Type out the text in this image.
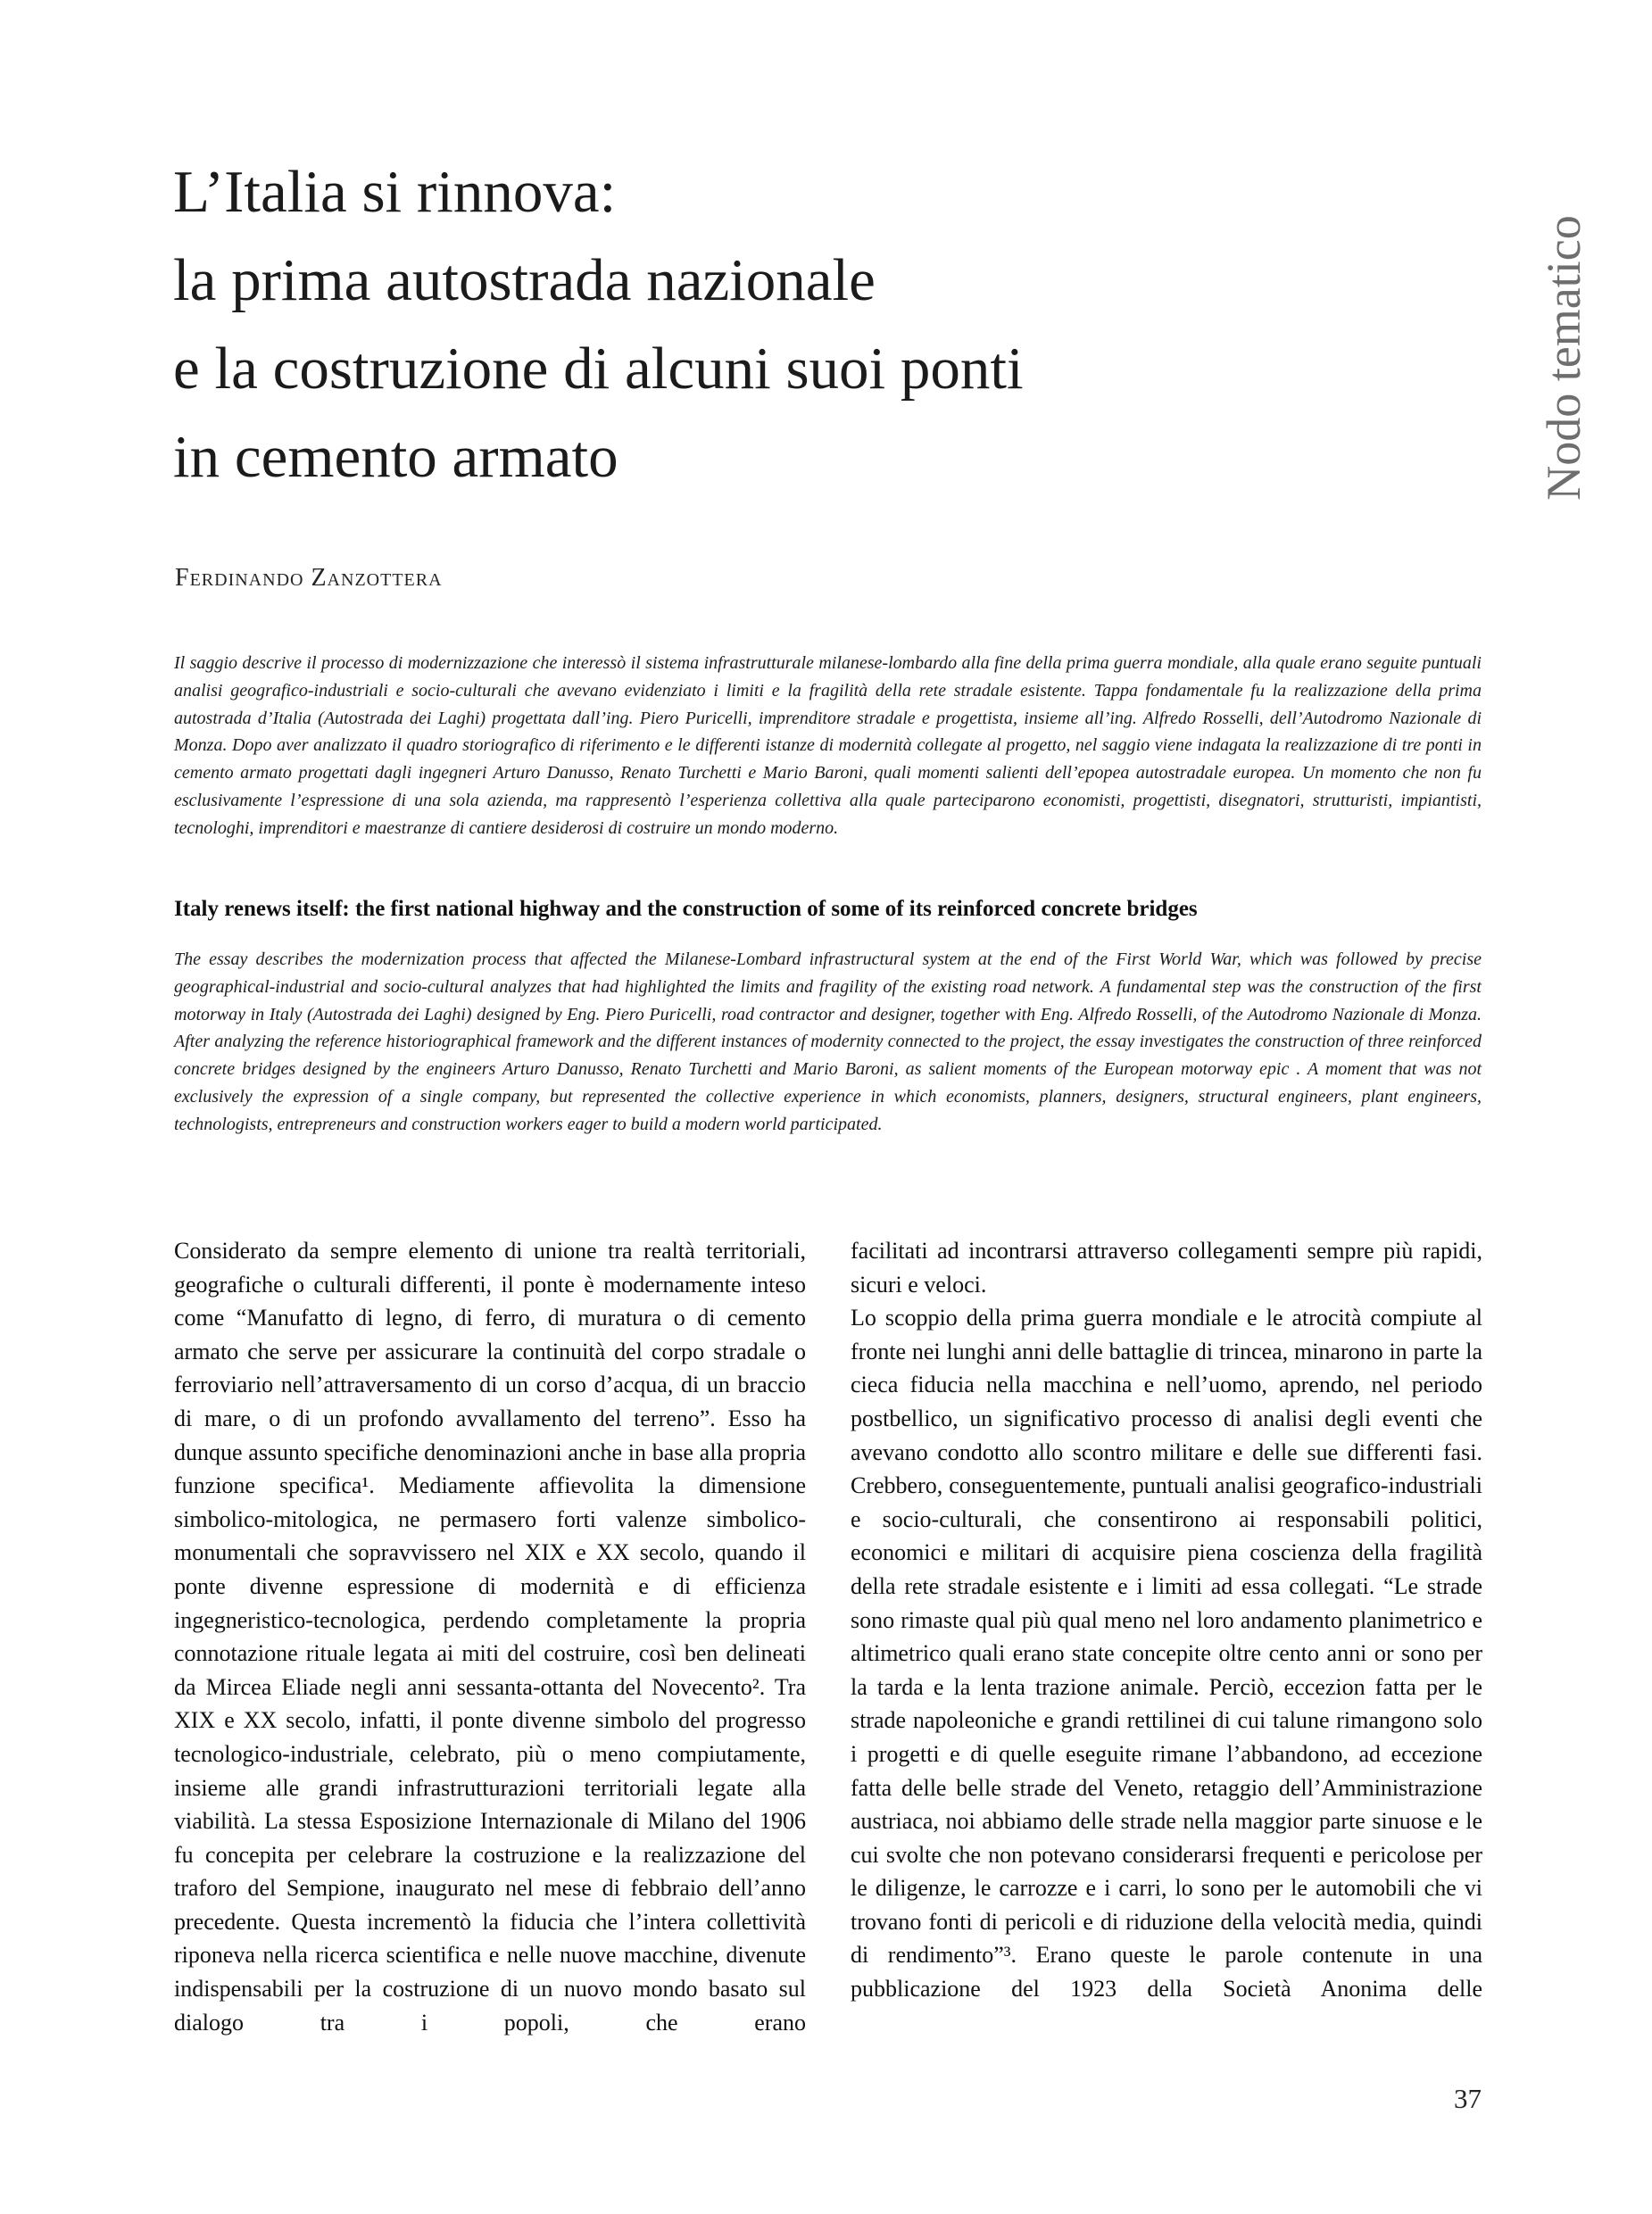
L’Italia si rinnova:
la prima autostrada nazionale
e la costruzione di alcuni suoi ponti
in cemento armato
Ferdinando Zanzottera

Il saggio descrive il processo di modernizzazione che interessò il sistema infrastrutturale milanese-lombardo alla fine della prima guerra mondiale, alla quale erano seguite puntuali analisi geografico-industriali e socio-culturali che avevano evidenziato i limiti e la fragilità della rete stradale esistente. Tappa fondamentale fu la realizzazione della prima autostrada d’Italia (Autostrada dei Laghi) progettata dall’ing. Piero Puricelli, imprenditore stradale e progettista, insieme all’ing. Alfredo Rosselli, dell’Autodromo Nazionale di Monza. Dopo aver analizzato il quadro storiografico di riferimento e le differenti istanze di modernità collegate al progetto, nel saggio viene indagata la realizzazione di tre ponti in cemento armato progettati dagli ingegneri Arturo Danusso, Renato Turchetti e Mario Baroni, quali momenti salienti dell’epopea autostradale europea. Un momento che non fu esclusivamente l’espressione di una sola azienda, ma rappresentò l’esperienza collettiva alla quale parteciparono economisti, progettisti, disegnatori, strutturisti, impiantisti, tecnologhi, imprenditori e maestranze di cantiere desiderosi di costruire un mondo moderno.

Italy renews itself: the first national highway and the construction of some of its reinforced concrete bridges

The essay describes the modernization process that affected the Milanese-Lombard infrastructural system at the end of the First World War, which was followed by precise geographical-industrial and socio-cultural analyzes that had highlighted the limits and fragility of the existing road network. A fundamental step was the construction of the first motorway in Italy (Autostrada dei Laghi) designed by Eng. Piero Puricelli, road contractor and designer, together with Eng. Alfredo Rosselli, of the Autodromo Nazionale di Monza. After analyzing the reference historiographical framework and the different instances of modernity connected to the project, the essay investigates the construction of three reinforced concrete bridges designed by the engineers Arturo Danusso, Renato Turchetti and Mario Baroni, as salient moments of the European motorway epic . A moment that was not exclusively the expression of a single company, but represented the collective experience in which economists, planners, designers, structural engineers, plant engineers, technologists, entrepreneurs and construction workers eager to build a modern world participated.

Considerato da sempre elemento di unione tra realtà territoriali, geografiche o culturali differenti, il ponte è modernamente inteso come “Manufatto di legno, di ferro, di muratura o di cemento armato che serve per assicurare la continuità del corpo stradale o ferroviario nell’attraversamento di un corso d’acqua, di un braccio di mare, o di un profondo avvallamento del terreno”. Esso ha dunque assunto specifiche denominazioni anche in base alla propria funzione specifica¹. Mediamente affievolita la dimensione simbolico-mitologica, ne permasero forti valenze simbolico-monumentali che sopravvissero nel XIX e XX secolo, quando il ponte divenne espressione di modernità e di efficienza ingegneristico-tecnologica, perdendo completamente la propria connotazione rituale legata ai miti del costruire, così ben delineati da Mircea Eliade negli anni sessanta-ottanta del Novecento². Tra XIX e XX secolo, infatti, il ponte divenne simbolo del progresso tecnologico-industriale, celebrato, più o meno compiutamente, insieme alle grandi infrastrutturazioni territoriali legate alla viabilità. La stessa Esposizione Internazionale di Milano del 1906 fu concepita per celebrare la costruzione e la realizzazione del traforo del Sempione, inaugurato nel mese di febbraio dell’anno precedente. Questa incrementò la fiducia che l’intera collettività riponeva nella ricerca scientifica e nelle nuove macchine, divenute indispensabili per la costruzione di un nuovo mondo basato sul dialogo tra i popoli, che erano

facilitati ad incontrarsi attraverso collegamenti sempre più rapidi, sicuri e veloci.

Lo scoppio della prima guerra mondiale e le atrocità compiute al fronte nei lunghi anni delle battaglie di trincea, minarono in parte la cieca fiducia nella macchina e nell’uomo, aprendo, nel periodo postbellico, un significativo processo di analisi degli eventi che avevano condotto allo scontro militare e delle sue differenti fasi. Crebbero, conseguentemente, puntuali analisi geografico-industriali e socio-culturali, che consentirono ai responsabili politici, economici e militari di acquisire piena coscienza della fragilità della rete stradale esistente e i limiti ad essa collegati. “Le strade sono rimaste qual più qual meno nel loro andamento planimetrico e altimetrico quali erano state concepite oltre cento anni or sono per la tarda e la lenta trazione animale. Perciò, eccezion fatta per le strade napoleoniche e grandi rettilinei di cui talune rimangono solo i progetti e di quelle eseguite rimane l’abbandono, ad eccezione fatta delle belle strade del Veneto, retaggio dell’Amministrazione austriaca, noi abbiamo delle strade nella maggior parte sinuose e le cui svolte che non potevano considerarsi frequenti e pericolose per le diligenze, le carrozze e i carri, lo sono per le automobili che vi trovano fonti di pericoli e di riduzione della velocità media, quindi di rendimento”³. Erano queste le parole contenute in una pubblicazione del 1923 della Società Anonima delle

Nodo tematico
37
